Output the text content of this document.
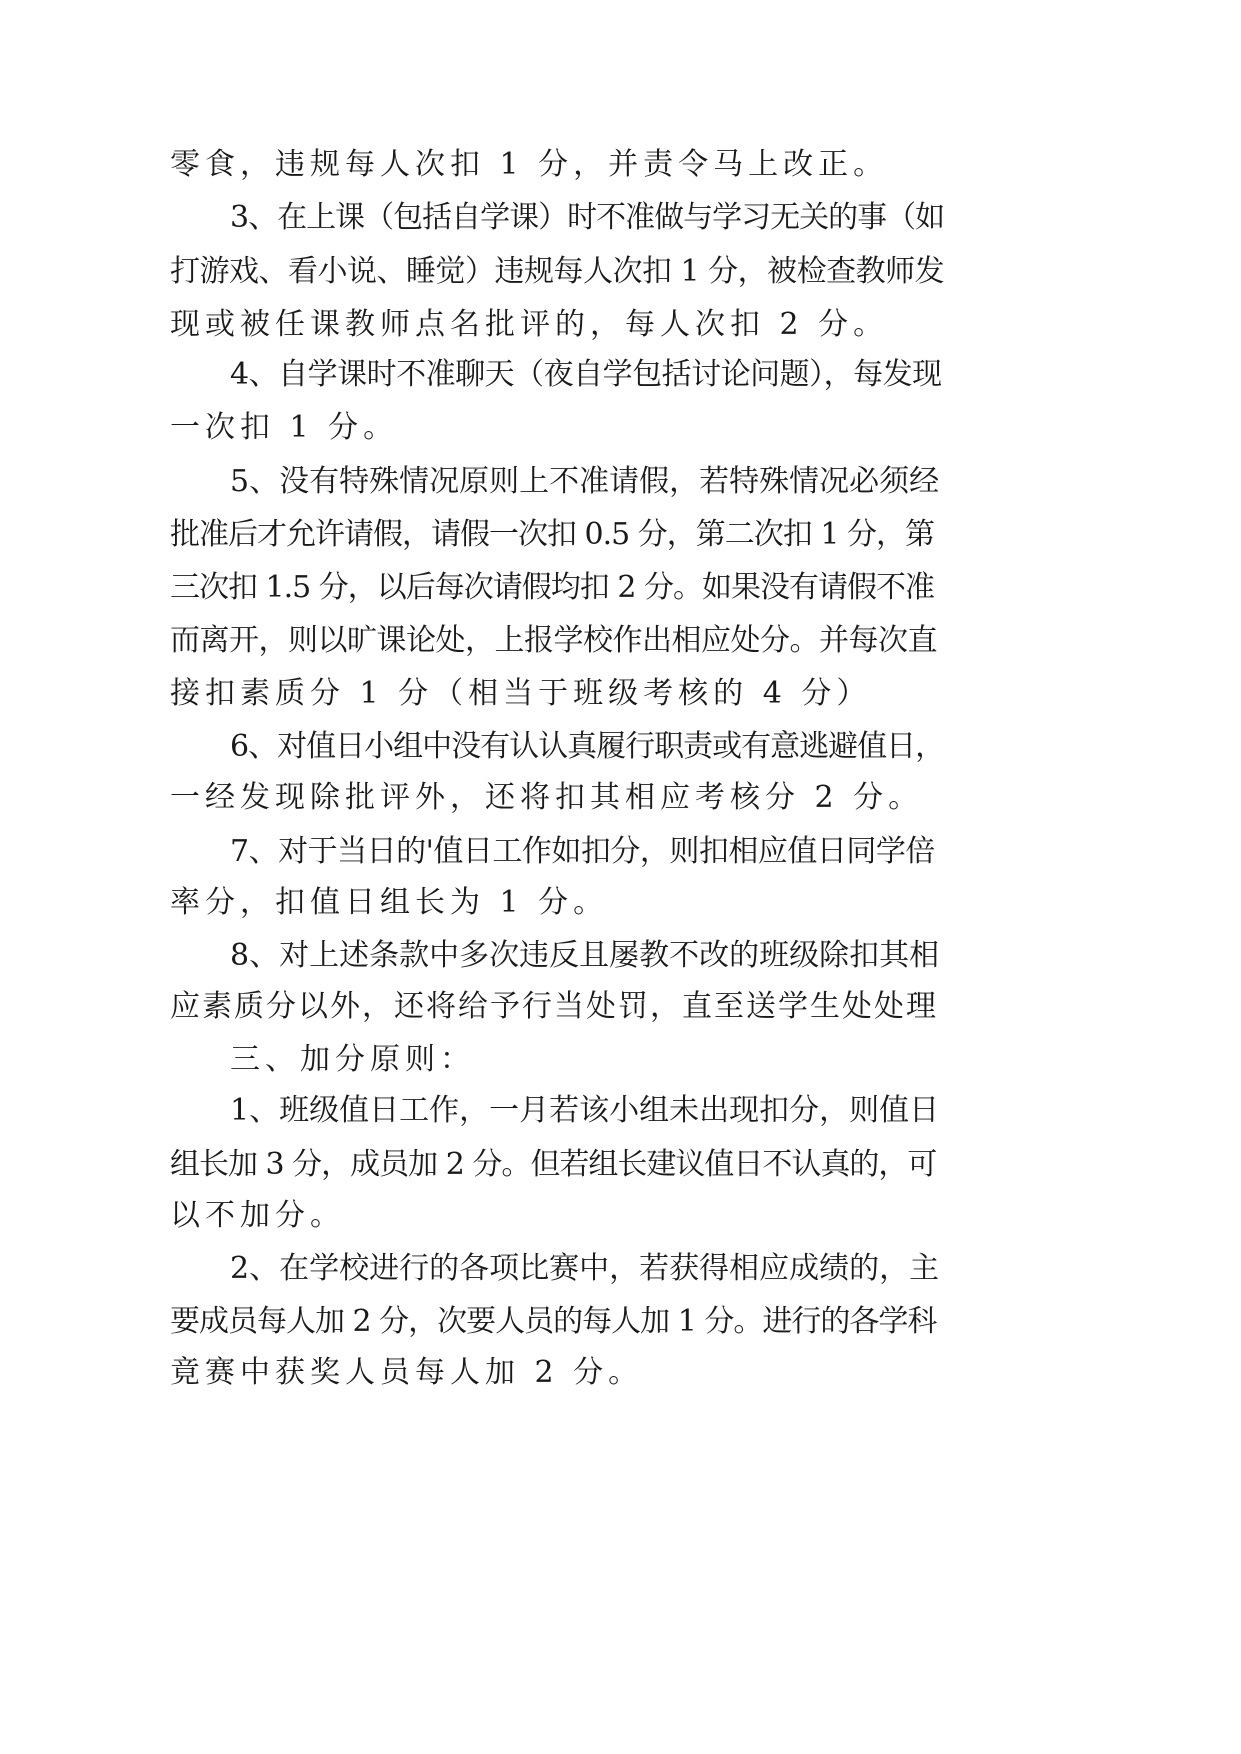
零食，违规每人次扣 1 分，并责令马上改正。
3、在上课（包括自学课）时不准做与学习无关的事（如
打游戏、看小说、睡觉）违规每人次扣 1 分，被检查教师发
现或被任课教师点名批评的，每人次扣 2 分。
4、自学课时不准聊天（夜自学包括讨论问题），每发现
一次扣 1 分。
5、没有特殊情况原则上不准请假，若特殊情况必须经
批准后才允许请假，请假一次扣 0.5 分，第二次扣 1 分，第
三次扣 1.5 分，以后每次请假均扣 2 分。如果没有请假不准
而离开，则以旷课论处，上报学校作出相应处分。并每次直
接扣素质分 1 分（相当于班级考核的 4 分）
6、对值日小组中没有认认真履行职责或有意逃避值日，
一经发现除批评外，还将扣其相应考核分 2 分。
7、对于当日的'值日工作如扣分，则扣相应值日同学倍
率分，扣值日组长为 1 分。
8、对上述条款中多次违反且屡教不改的班级除扣其相
应素质分以外，还将给予行当处罚，直至送学生处处理
三、加分原则：
1、班级值日工作，一月若该小组未出现扣分，则值日
组长加 3 分，成员加 2 分。但若组长建议值日不认真的，可
以不加分。
2、在学校进行的各项比赛中，若获得相应成绩的，主
要成员每人加 2 分，次要人员的每人加 1 分。进行的各学科
竟赛中获奖人员每人加 2 分。
